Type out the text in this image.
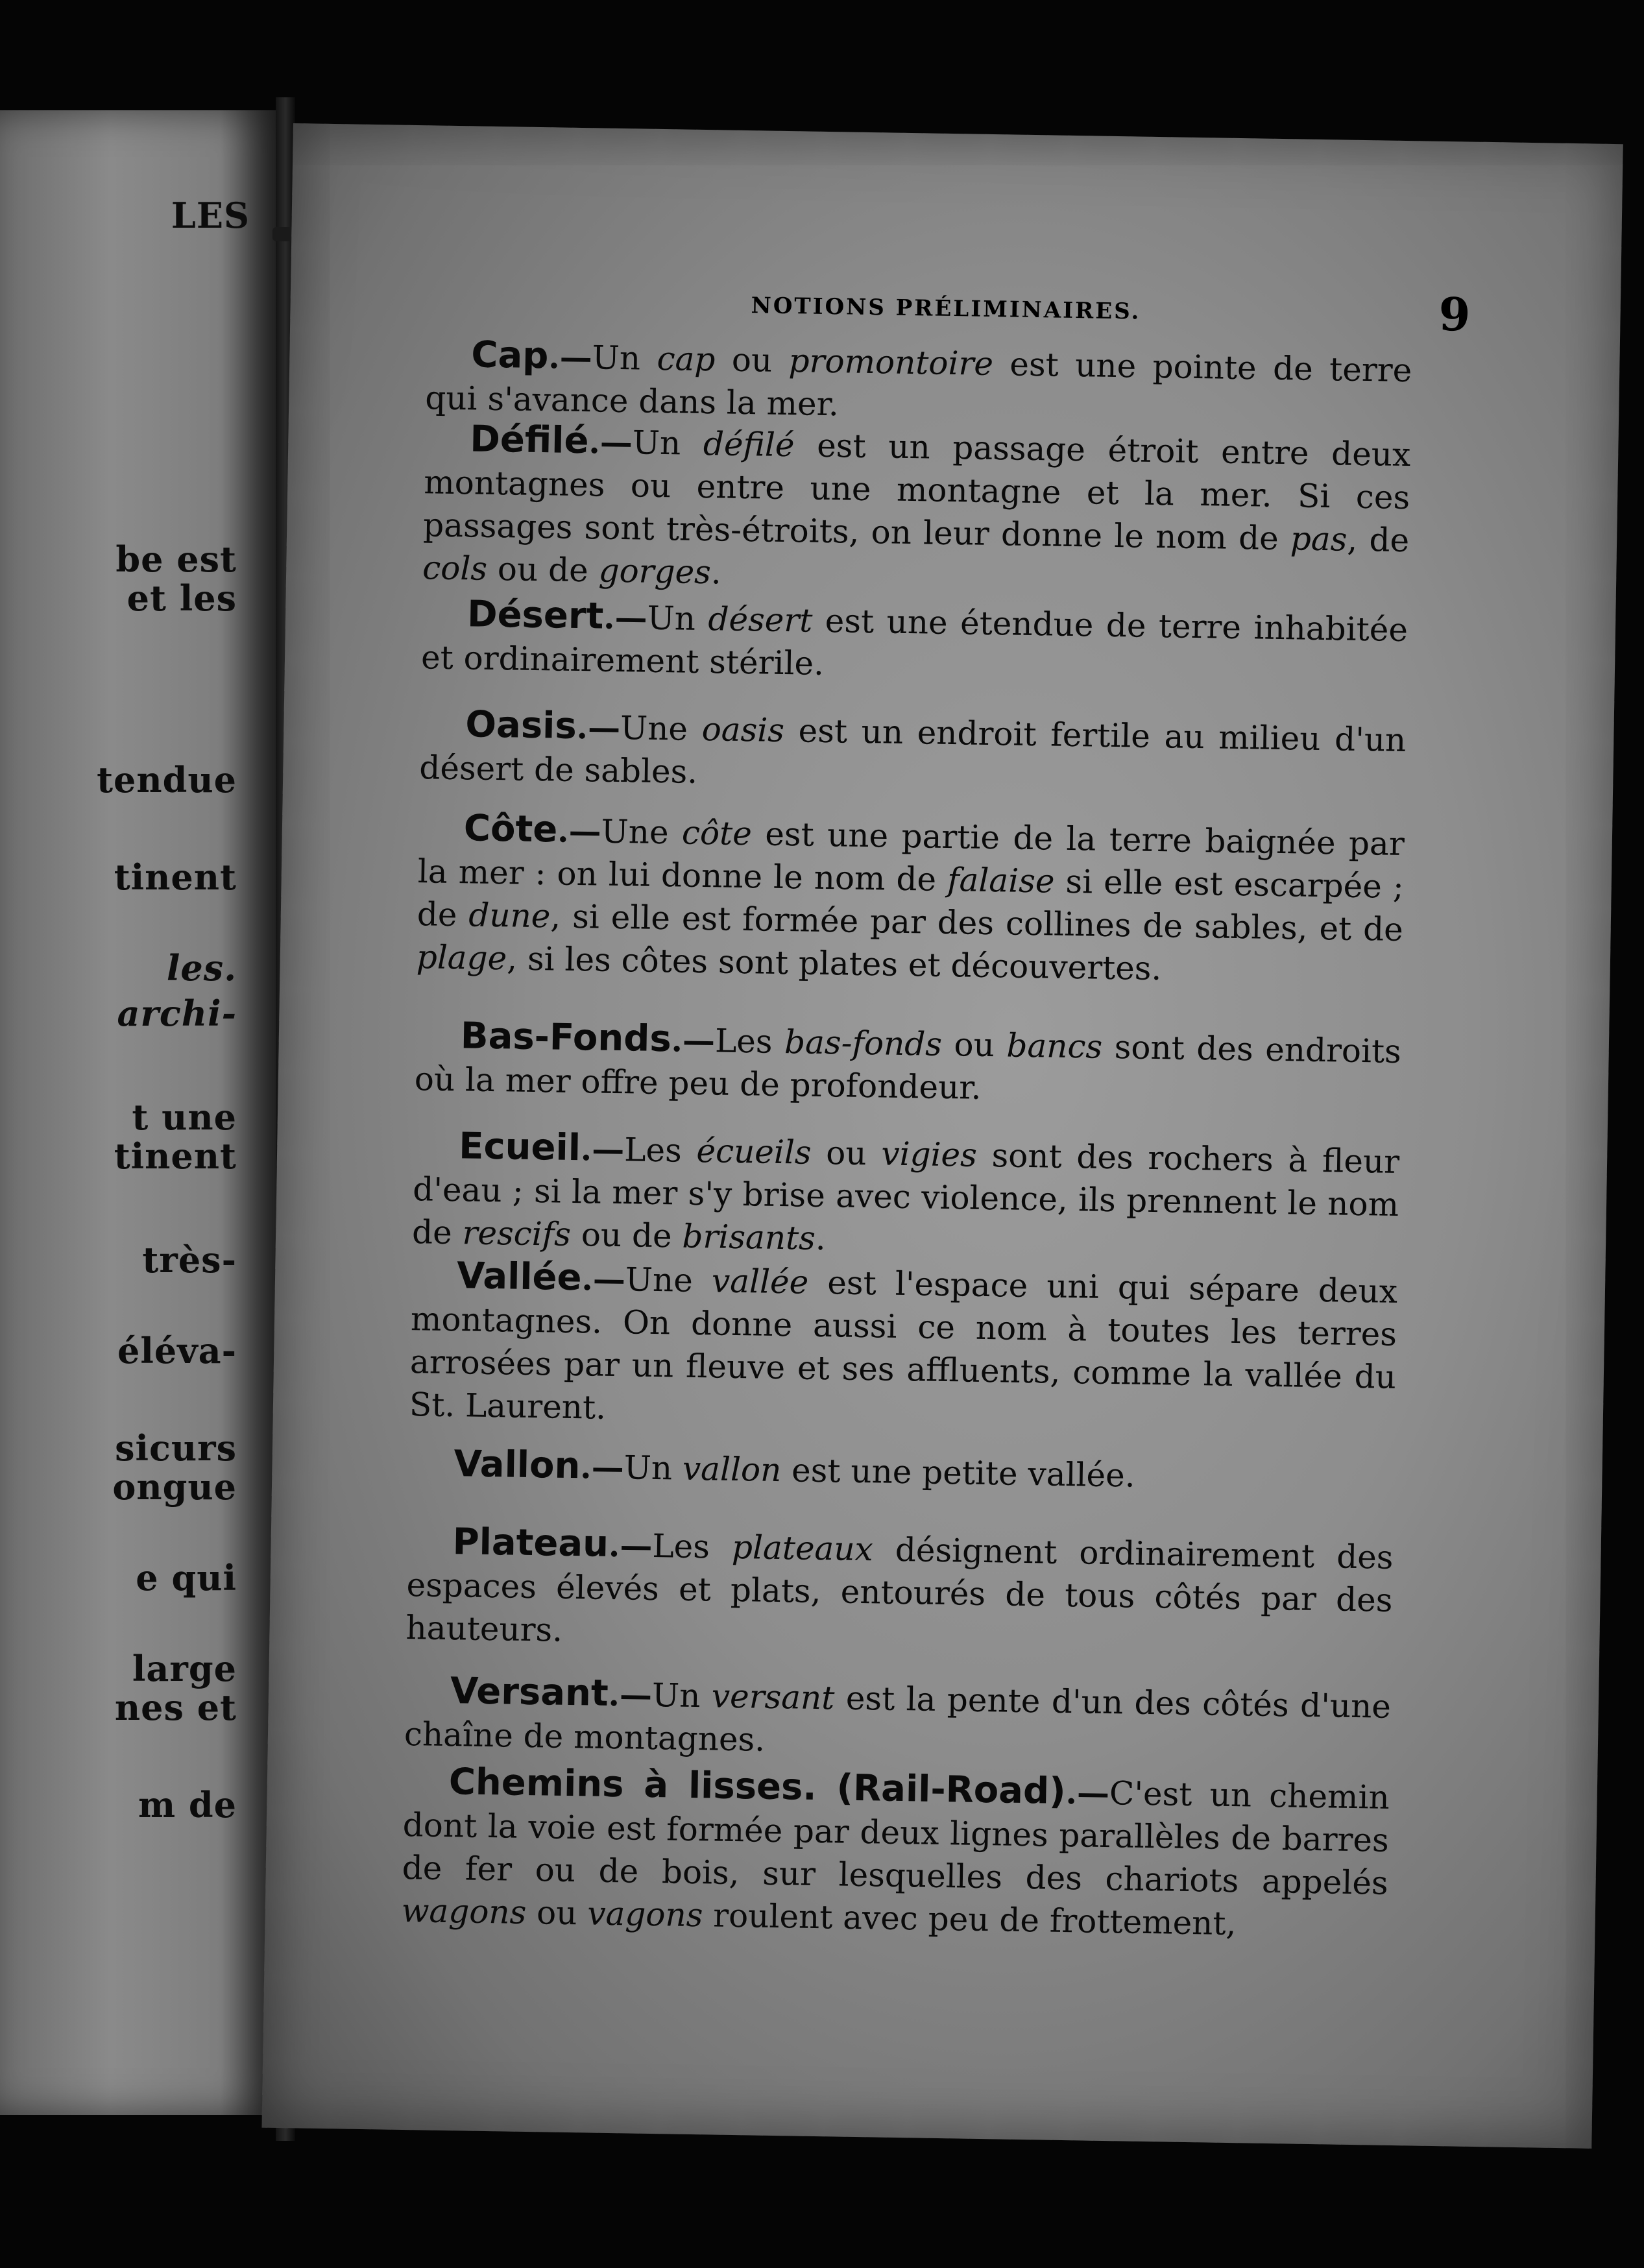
LES
be est
et les
tendue
tinent
les.
archi-
t une
tinent
très-
éléva-
sicurs
ongue
e qui
large
nes et
m de
NOTIONS PRÉLIMINAIRES.	9
Cap.—Un cap ou promontoire est une pointe de terre qui s'avance dans la mer.
Défilé.—Un défilé est un passage étroit entre deux montagnes ou entre une montagne et la mer. Si ces passages sont très-étroits, on leur donne le nom de pas, de cols ou de gorges.
Désert.—Un désert est une étendue de terre inhabitée et ordinairement stérile.
Oasis.—Une oasis est un endroit fertile au milieu d'un désert de sables.
Côte.—Une côte est une partie de la terre baignée par la mer : on lui donne le nom de falaise si elle est escarpée ; de dune, si elle est formée par des collines de sables, et de plage, si les côtes sont plates et découvertes.
Bas-Fonds.—Les bas-fonds ou bancs sont des endroits où la mer offre peu de profondeur.
Ecueil.—Les écueils ou vigies sont des rochers à fleur d'eau ; si la mer s'y brise avec violence, ils prennent le nom de rescifs ou de brisants.
Vallée.—Une vallée est l'espace uni qui sépare deux montagnes. On donne aussi ce nom à toutes les terres arrosées par un fleuve et ses affluents, comme la vallée du St. Laurent.
Vallon.—Un vallon est une petite vallée.
Plateau.—Les plateaux désignent ordinairement des espaces élevés et plats, entourés de tous côtés par des hauteurs.
Versant.—Un versant est la pente d'un des côtés d'une chaîne de montagnes.
Chemins à lisses. (Rail-Road).—C'est un chemin dont la voie est formée par deux lignes parallèles de barres de fer ou de bois, sur lesquelles des chariots appelés wagons ou vagons roulent avec peu de frottement,
